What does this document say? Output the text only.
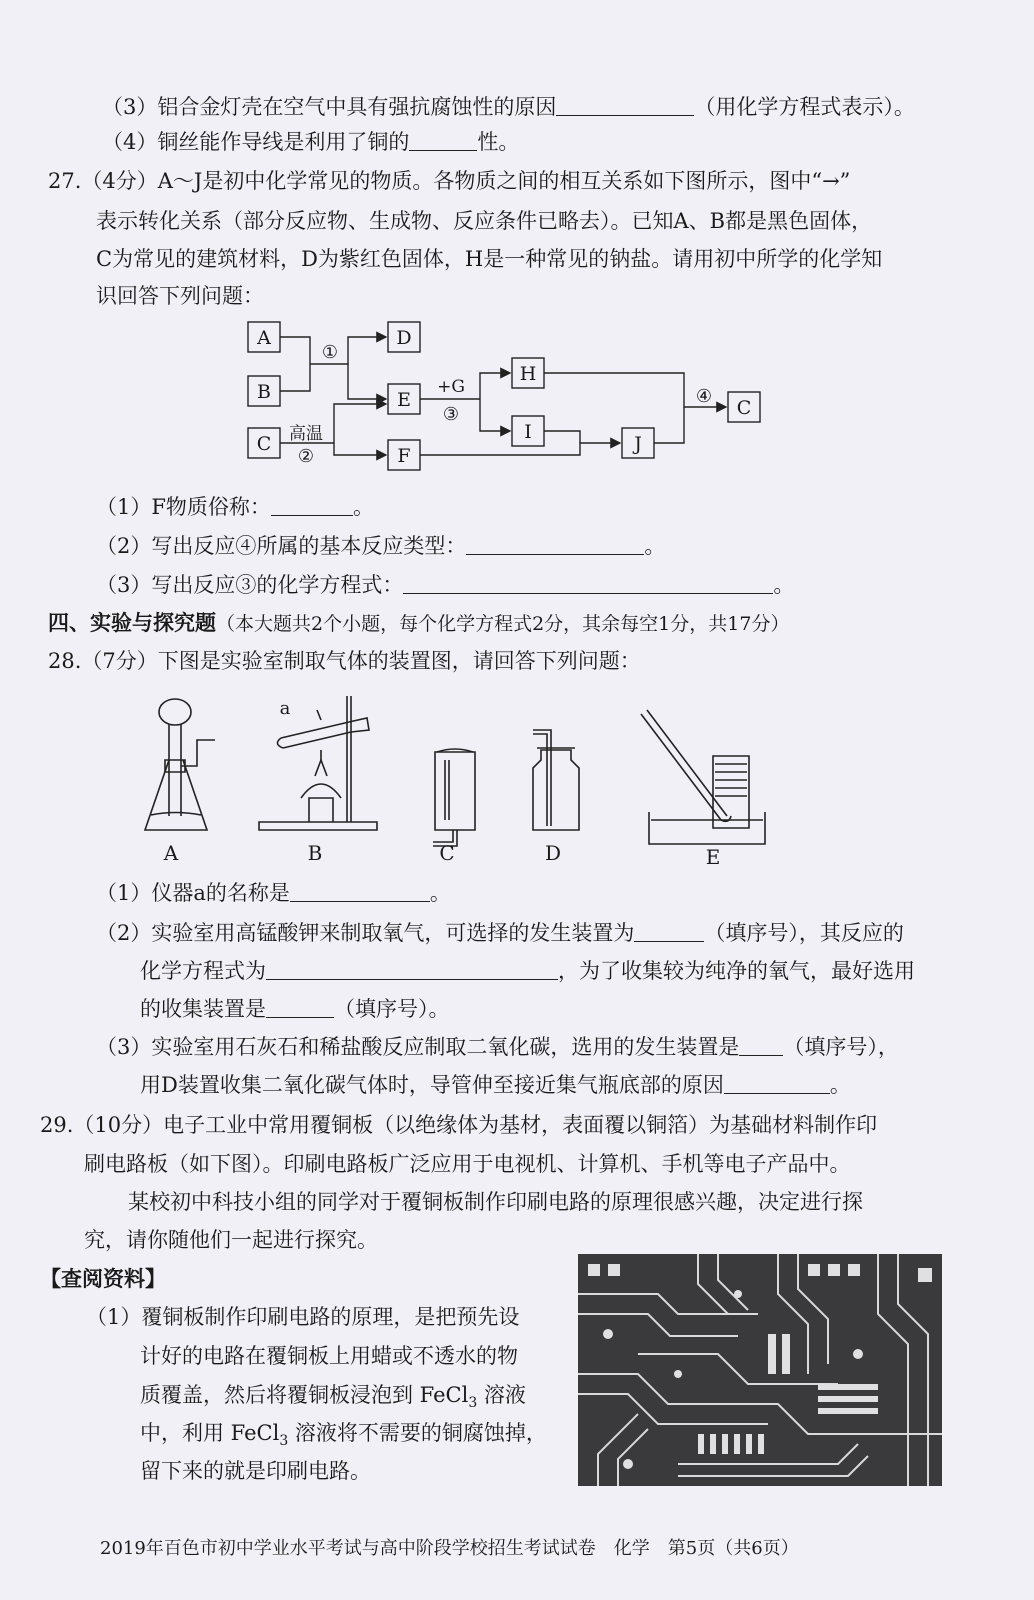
（3）铝合金灯壳在空气中具有强抗腐蚀性的原因	（用化学方程式表示）。
（4）铜丝能作导线是利用了铜的	性。
27.（4分）A～J是初中化学常见的物质。各物质之间的相互关系如下图所示，图中“→”
表示转化关系（部分反应物、生成物、反应条件已略去）。已知A、B都是黑色固体，
C为常见的建筑材料，D为紫红色固体，H是一种常见的钠盐。请用初中所学的化学知
识回答下列问题：
A
B
C
D
E
F
H
I
J
C
①
高温
②
+G
③
④
（1）F物质俗称：	。
（2）写出反应④所属的基本反应类型：	。
（3）写出反应③的化学方程式：	。
四、实验与探究题（本大题共2个小题，每个化学方程式2分，其余每空1分，共17分）
28.（7分）下图是实验室制取气体的装置图，请回答下列问题：
A	B	C	D	E
a
（1）仪器a的名称是	。
（2）实验室用高锰酸钾来制取氧气，可选择的发生装置为	（填序号），其反应的
化学方程式为	，为了收集较为纯净的氧气，最好选用
的收集装置是	（填序号）。
（3）实验室用石灰石和稀盐酸反应制取二氧化碳，选用的发生装置是 （填序号），
用D装置收集二氧化碳气体时，导管伸至接近集气瓶底部的原因	。
29.（10分）电子工业中常用覆铜板（以绝缘体为基材，表面覆以铜箔）为基础材料制作印
刷电路板（如下图）。印刷电路板广泛应用于电视机、计算机、手机等电子产品中。
某校初中科技小组的同学对于覆铜板制作印刷电路的原理很感兴趣，决定进行探
究，请你随他们一起进行探究。
【查阅资料】
（1）覆铜板制作印刷电路的原理，是把预先设
计好的电路在覆铜板上用蜡或不透水的物
质覆盖，然后将覆铜板浸泡到 FeCl$_3$ 溶液
中，利用 FeCl$_3$ 溶液将不需要的铜腐蚀掉，
留下来的就是印刷电路。
2019年百色市初中学业水平考试与高中阶段学校招生考试试卷　化学　第5页（共6页）
